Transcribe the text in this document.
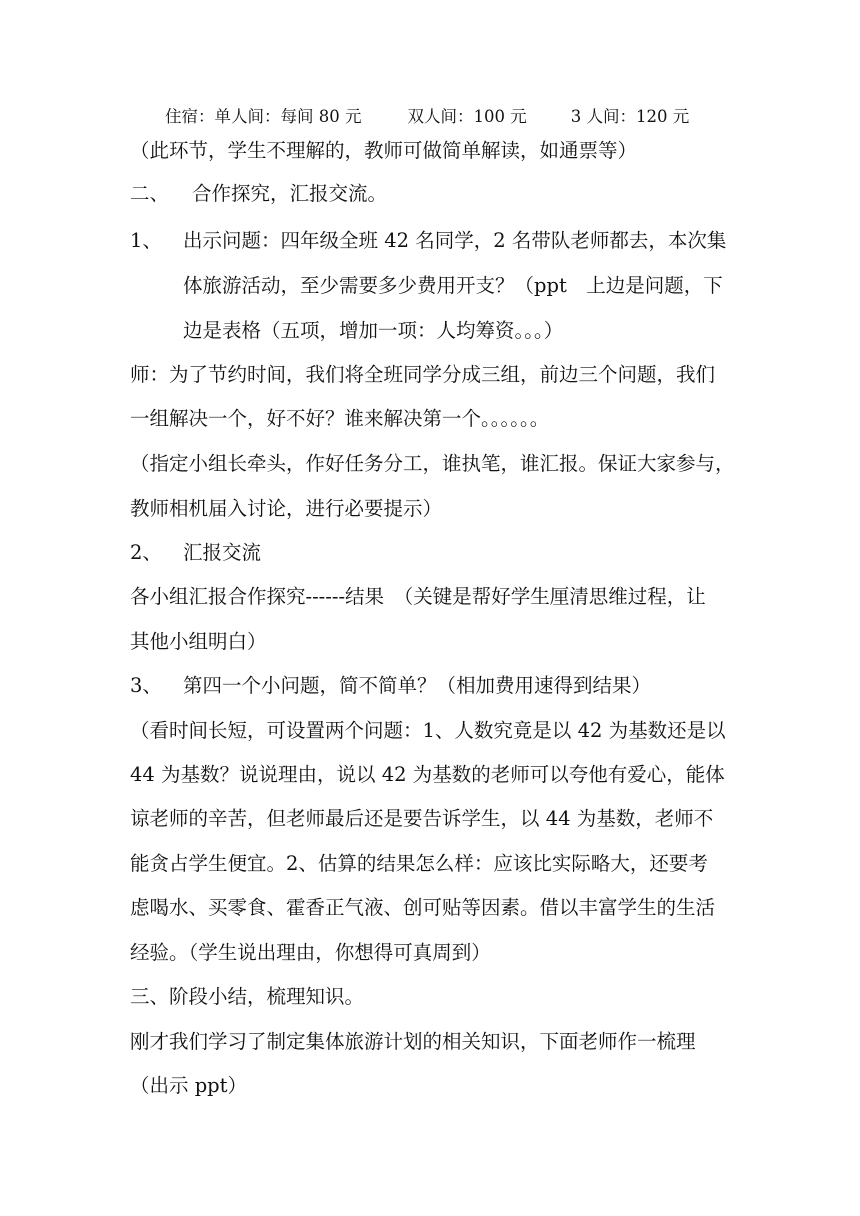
住宿：单人间：每间 80 元	双人间：100 元	3 人间：120 元
（此环节，学生不理解的，教师可做简单解读，如通票等）
二、 合作探究，汇报交流。
1、 出示问题：四年级全班 42 名同学，2 名带队老师都去，本次集
体旅游活动，至少需要多少费用开支？（ppt　上边是问题，下
边是表格（五项，增加一项：人均筹资。。。）
师：为了节约时间，我们将全班同学分成三组，前边三个问题，我们
一组解决一个，好不好？谁来解决第一个。。。。。。
（指定小组长牵头，作好任务分工，谁执笔，谁汇报。保证大家参与，
教师相机届入讨论，进行必要提示）
2、 汇报交流
各小组汇报合作探究------结果　（关键是帮好学生厘清思维过程，让
其他小组明白）
3、 第四一个小问题，简不简单？（相加费用速得到结果）
（看时间长短，可设置两个问题：1、人数究竟是以 42 为基数还是以
44 为基数？说说理由，说以 42 为基数的老师可以夸他有爱心，能体
谅老师的辛苦，但老师最后还是要告诉学生，以 44 为基数，老师不
能贪占学生便宜。2、估算的结果怎么样：应该比实际略大，还要考
虑喝水、买零食、霍香正气液、创可贴等因素。借以丰富学生的生活
经验。（学生说出理由，你想得可真周到）
三、阶段小结，梳理知识。
刚才我们学习了制定集体旅游计划的相关知识，下面老师作一梳理
（出示 ppt）
